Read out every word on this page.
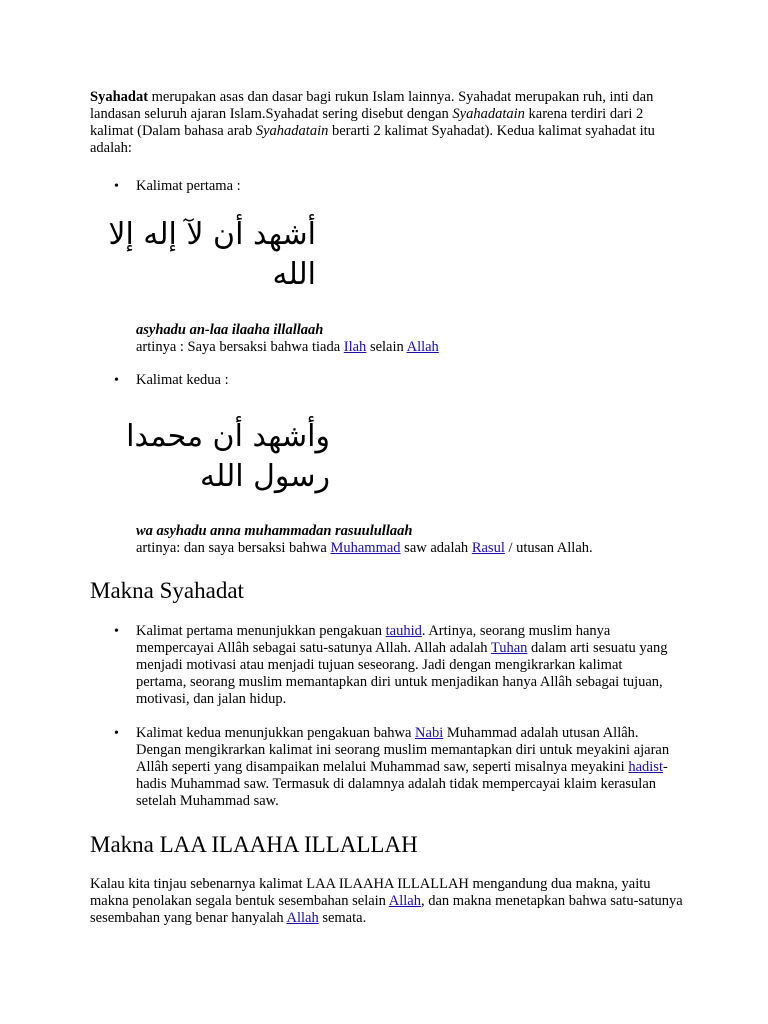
Syahadat merupakan asas dan dasar bagi rukun Islam lainnya. Syahadat merupakan ruh, inti dan landasan seluruh ajaran Islam.Syahadat sering disebut dengan Syahadatain karena terdiri dari 2 kalimat (Dalam bahasa arab Syahadatain berarti 2 kalimat Syahadat). Kedua kalimat syahadat itu adalah:

• Kalimat pertama :

أشهد أن لآ إله إلا الله

asyhadu an-laa ilaaha illallaah

artinya : Saya bersaksi bahwa tiada Ilah selain Allah

• Kalimat kedua :

وأشهد أن محمدا رسول الله

wa asyhadu anna muhammadan rasuulullaah

artinya: dan saya bersaksi bahwa Muhammad saw adalah Rasul / utusan Allah.

Makna Syahadat

• Kalimat pertama menunjukkan pengakuan tauhid. Artinya, seorang muslim hanya mempercayai Allâh sebagai satu-satunya Allah. Allah adalah Tuhan dalam arti sesuatu yang menjadi motivasi atau menjadi tujuan seseorang. Jadi dengan mengikrarkan kalimat pertama, seorang muslim memantapkan diri untuk menjadikan hanya Allâh sebagai tujuan, motivasi, dan jalan hidup.

• Kalimat kedua menunjukkan pengakuan bahwa Nabi Muhammad adalah utusan Allâh. Dengan mengikrarkan kalimat ini seorang muslim memantapkan diri untuk meyakini ajaran Allâh seperti yang disampaikan melalui Muhammad saw, seperti misalnya meyakini hadist-hadis Muhammad saw. Termasuk di dalamnya adalah tidak mempercayai klaim kerasulan setelah Muhammad saw.

Makna LAA ILAAHA ILLALLAH

Kalau kita tinjau sebenarnya kalimat LAA ILAAHA ILLALLAH mengandung dua makna, yaitu makna penolakan segala bentuk sesembahan selain Allah, dan makna menetapkan bahwa satu-satunya sesembahan yang benar hanyalah Allah semata.
